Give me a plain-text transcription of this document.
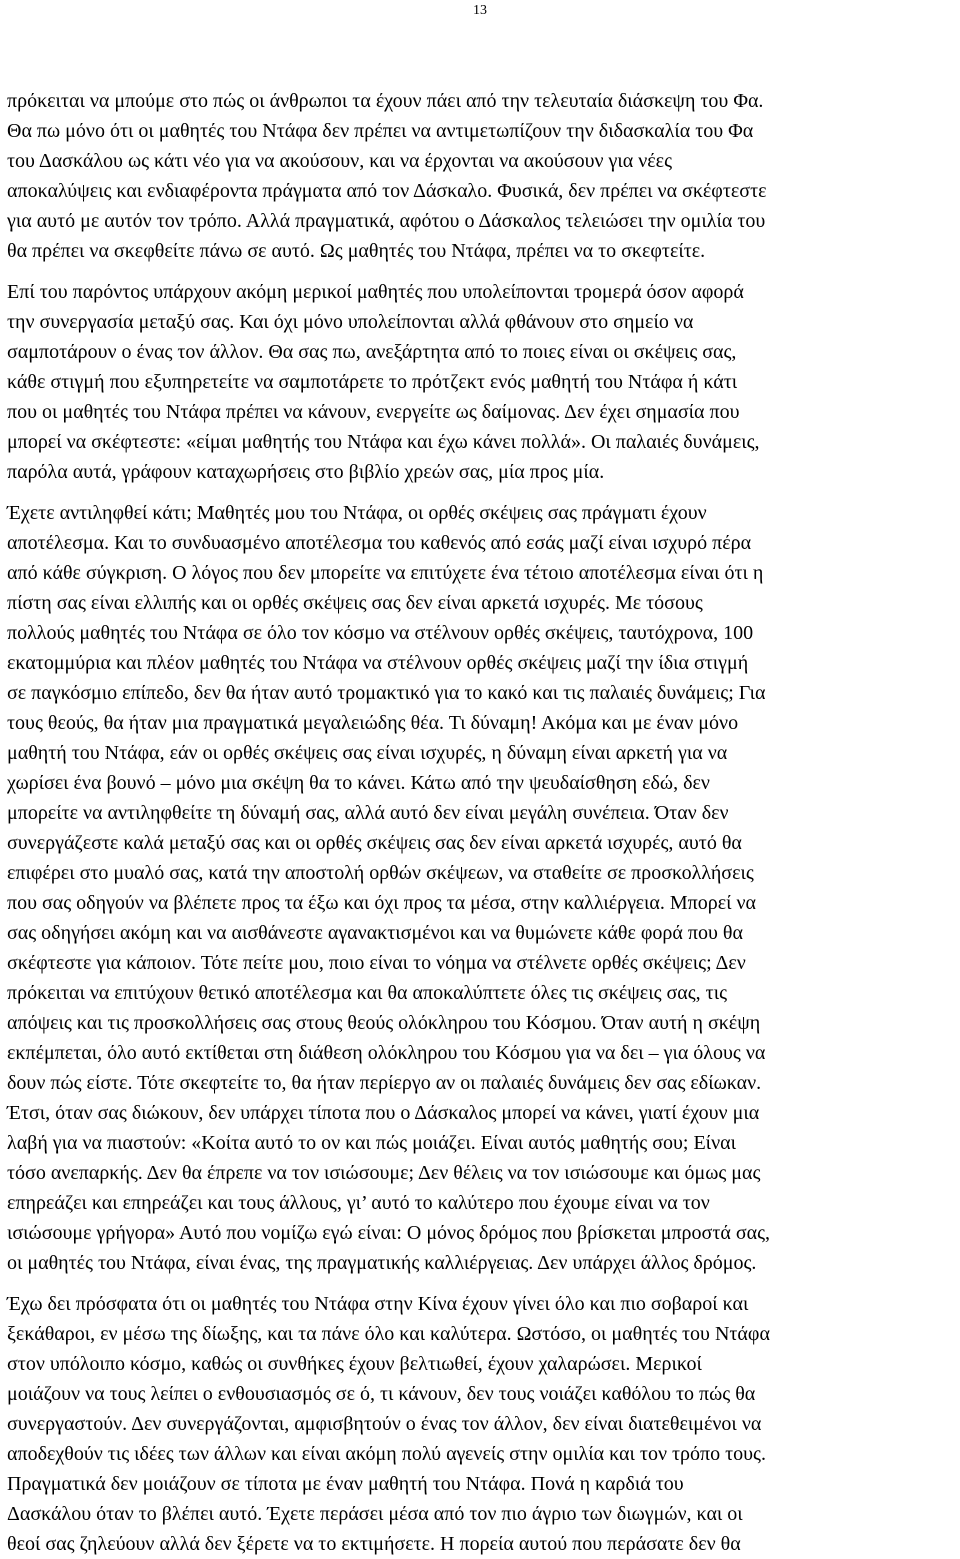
13

πρόκειται να μπούμε στο πώς οι άνθρωποι τα έχουν πάει από την τελευταία διάσκεψη του Φα.
Θα πω μόνο ότι οι μαθητές του Ντάφα δεν πρέπει να αντιμετωπίζουν την διδασκαλία του Φα
του Δασκάλου ως κάτι νέο για να ακούσουν, και να έρχονται να ακούσουν για νέες
αποκαλύψεις και ενδιαφέροντα πράγματα από τον Δάσκαλο. Φυσικά, δεν πρέπει να σκέφτεστε
για αυτό με αυτόν τον τρόπο. Αλλά πραγματικά, αφότου ο Δάσκαλος τελειώσει την ομιλία του
θα πρέπει να σκεφθείτε πάνω σε αυτό. Ως μαθητές του Ντάφα, πρέπει να το σκεφτείτε.

Επί του παρόντος υπάρχουν ακόμη μερικοί μαθητές που υπολείπονται τρομερά όσον αφορά
την συνεργασία μεταξύ σας. Και όχι μόνο υπολείπονται αλλά φθάνουν στο σημείο να
σαμποτάρουν ο ένας τον άλλον. Θα σας πω, ανεξάρτητα από το ποιες είναι οι σκέψεις σας,
κάθε στιγμή που εξυπηρετείτε να σαμποτάρετε το πρότζεκτ ενός μαθητή του Ντάφα ή κάτι
που οι μαθητές του Ντάφα πρέπει να κάνουν, ενεργείτε ως δαίμονας. Δεν έχει σημασία που
μπορεί να σκέφτεστε: «είμαι μαθητής του Ντάφα και έχω κάνει πολλά». Οι παλαιές δυνάμεις,
παρόλα αυτά, γράφουν καταχωρήσεις στο βιβλίο χρεών σας, μία προς μία.

Έχετε αντιληφθεί κάτι; Μαθητές μου του Ντάφα, οι ορθές σκέψεις σας πράγματι έχουν
αποτέλεσμα. Και το συνδυασμένο αποτέλεσμα του καθενός από εσάς μαζί είναι ισχυρό πέρα
από κάθε σύγκριση. Ο λόγος που δεν μπορείτε να επιτύχετε ένα τέτοιο αποτέλεσμα είναι ότι η
πίστη σας είναι ελλιπής και οι ορθές σκέψεις σας δεν είναι αρκετά ισχυρές. Με τόσους
πολλούς μαθητές του Ντάφα σε όλο τον κόσμο να στέλνουν ορθές σκέψεις, ταυτόχρονα, 100
εκατομμύρια και πλέον μαθητές του Ντάφα να στέλνουν ορθές σκέψεις μαζί την ίδια στιγμή
σε παγκόσμιο επίπεδο, δεν θα ήταν αυτό τρομακτικό για το κακό και τις παλαιές δυνάμεις; Για
τους θεούς, θα ήταν μια πραγματικά μεγαλειώδης θέα. Τι δύναμη! Ακόμα και με έναν μόνο
μαθητή του Ντάφα, εάν οι ορθές σκέψεις σας είναι ισχυρές, η δύναμη είναι αρκετή για να
χωρίσει ένα βουνό – μόνο μια σκέψη θα το κάνει. Κάτω από την ψευδαίσθηση εδώ, δεν
μπορείτε να αντιληφθείτε τη δύναμή σας, αλλά αυτό δεν είναι μεγάλη συνέπεια. Όταν δεν
συνεργάζεστε καλά μεταξύ σας και οι ορθές σκέψεις σας δεν είναι αρκετά ισχυρές, αυτό θα
επιφέρει στο μυαλό σας, κατά την αποστολή ορθών σκέψεων, να σταθείτε σε προσκολλήσεις
που σας οδηγούν να βλέπετε προς τα έξω και όχι προς τα μέσα, στην καλλιέργεια. Μπορεί να
σας οδηγήσει ακόμη και να αισθάνεστε αγανακτισμένοι και να θυμώνετε κάθε φορά που θα
σκέφτεστε για κάποιον. Τότε πείτε μου, ποιο είναι το νόημα να στέλνετε ορθές σκέψεις; Δεν
πρόκειται να επιτύχουν θετικό αποτέλεσμα και θα αποκαλύπτετε όλες τις σκέψεις σας, τις
απόψεις και τις προσκολλήσεις σας στους θεούς ολόκληρου του Κόσμου. Όταν αυτή η σκέψη
εκπέμπεται, όλο αυτό εκτίθεται στη διάθεση ολόκληρου του Κόσμου για να δει – για όλους να
δουν πώς είστε. Τότε σκεφτείτε το, θα ήταν περίεργο αν οι παλαιές δυνάμεις δεν σας εδίωκαν.
Έτσι, όταν σας διώκουν, δεν υπάρχει τίποτα που ο Δάσκαλος μπορεί να κάνει, γιατί έχουν μια
λαβή για να πιαστούν: «Κοίτα αυτό το ον και πώς μοιάζει. Είναι αυτός μαθητής σου; Είναι
τόσο ανεπαρκής. Δεν θα έπρεπε να τον ισιώσουμε; Δεν θέλεις να τον ισιώσουμε και όμως μας
επηρεάζει και επηρεάζει και τους άλλους, γι’ αυτό το καλύτερο που έχουμε είναι να τον
ισιώσουμε γρήγορα» Αυτό που νομίζω εγώ είναι: Ο μόνος δρόμος που βρίσκεται μπροστά σας,
οι μαθητές του Ντάφα, είναι ένας, της πραγματικής καλλιέργειας. Δεν υπάρχει άλλος δρόμος.

Έχω δει πρόσφατα ότι οι μαθητές του Ντάφα στην Κίνα έχουν γίνει όλο και πιο σοβαροί και
ξεκάθαροι, εν μέσω της δίωξης, και τα πάνε όλο και καλύτερα. Ωστόσο, οι μαθητές του Ντάφα
στον υπόλοιπο κόσμο, καθώς οι συνθήκες έχουν βελτιωθεί, έχουν χαλαρώσει. Μερικοί
μοιάζουν να τους λείπει ο ενθουσιασμός σε ό, τι κάνουν, δεν τους νοιάζει καθόλου το πώς θα
συνεργαστούν. Δεν συνεργάζονται, αμφισβητούν ο ένας τον άλλον, δεν είναι διατεθειμένοι να
αποδεχθούν τις ιδέες των άλλων και είναι ακόμη πολύ αγενείς στην ομιλία και τον τρόπο τους.
Πραγματικά δεν μοιάζουν σε τίποτα με έναν μαθητή του Ντάφα. Πονά η καρδιά του
Δασκάλου όταν το βλέπει αυτό. Έχετε περάσει μέσα από τον πιο άγριο των διωγμών, και οι
θεοί σας ζηλεύουν αλλά δεν ξέρετε να το εκτιμήσετε. Η πορεία αυτού που περάσατε δεν θα
